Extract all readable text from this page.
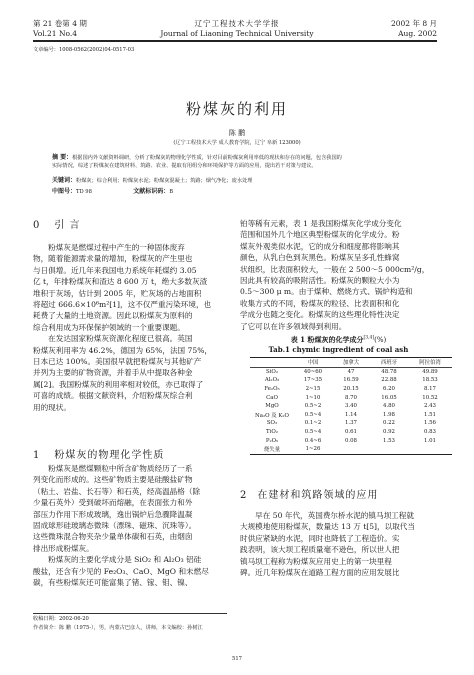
第 21 卷第 4 期
Vol.21 No.4
辽宁工程技术大学学报
Journal of Liaoning Technical University
2002 年 8 月
Aug. 2002
文章编号：1008-0562(2002)04-0517-03
粉煤灰的利用
陈 鹏
(辽宁工程技术大学 成人教育学院，辽宁 阜新 123000)
摘 要：根据国内外文献资料调研，分析了粉煤灰的物理化学性质，针对目前粉煤灰利用率低的现状和存在的问题，包含我国的
实际情况，综述了粉煤灰在建筑材料、筑路、农业、提取有用组分和环境保护等方面的应用，提出若干对策与建议。
关键词：粉煤灰；综合利用；粉煤灰水泥；粉煤灰混凝土；筑路；烟气净化；废水处理
中图号：TD 98	文献标识码：B
0 引 言
　　粉煤灰是燃煤过程中产生的一种固体废弃
物，随着能源需求量的增加，粉煤灰的产生里也
与日俱增。近几年来我国电力系统年耗煤约 3.05
亿 t，年排粉煤灰和渣达 8 600 万 t，绝大多数灰渣
堆积于灰场，估计到 2005 年，贮灰场的占地面积
将超过 666.6×10⁶m²[1]，这不仅严重污染环境，也
耗费了大量的土地资源。因此以粉煤灰为原料的
综合利用成为环保保护领域的一个重要课题。
　　在发达国家粉煤灰资源化程度已很高。英国
粉煤灰利用率为 46.2%，德国为 65%，法国 75%，
日本已达 100%。美国很早就把粉煤灰与其他矿产
并列为主要的矿物资源，并着手从中提取各种金
属[2]。我国粉煤灰的利用率相对较低，亦已取得了
可喜的成绩。根据文献资料，介绍粉煤灰综合利
用的现状。
1 粉煤灰的物理化学性质
　　粉煤灰是燃煤颗粒中所含矿物质经历了一系
列变化而形成的。这些矿物质主要是硅酸盐矿物
（粘土、岩盐、长石等）和石英，经高温晶格（除
少量石英外）受到破坏而熔融，在表面张力和外
部压力作用下形成玻璃，逸出锅炉后急骤降温凝
固成球形硅玻璃态微珠（漂珠、磁珠、沉珠等）。
这些微珠混合物夹杂少量单体碳和石英，由烟囱
排出形成粉煤灰。
　　粉煤灰的主要化学成分是 SiO₂ 和 Al₂O₃ 铝硅
酸盐，还含有少见的 Fe₂O₃、CaO、MgO 和未燃尽
碳，有些粉煤灰还可能富集了锗、镓、钼、镍、
铂等稀有元素，表 1 是我国粉煤灰化学成分变化
范围和国外几个地区典型粉煤灰的化学成分。粉
煤灰外观类似水泥，它的成分和细度都将影响其
颜色，从乳白色到灰黑色。粉煤灰呈多孔性蜂窝
状组织，比表面积较大，一般在 2 500～5 000cm²/g，
因此具有较高的吸附活性。粉煤灰的颗粒大小为
0.5～300 μ m。由于煤种、燃烧方式、锅炉构造和
收集方式的不同，粉煤灰的粒径、比表面积和化
学成分也随之变化。粉煤灰的这些理化特性决定
了它可以在许多领域得到利用。
表 1 粉煤灰的化学成分[3,4](%)
Tab.1 chymic ingredient of coal ash
	中国	加拿大	西班牙	阿拉伯湾
SiO₂	40~60	47	48.78	49.89
Al₂O₃	17~35	16.59	22.88	18.53
Fe₂O₃	2~15	20.15	6.20	8.17
CaO	1~10	8.70	16.05	10.52
MgO	0.5~2	3.40	4.80	2.43
Na₂O 及 K₂O	0.5~4	1.14	1.98	1.51
SO₃	0.1~2	1.37	0.22	1.56
TiO₂	0.5~4	0.61	0.92	0.83
P₂O₅	0.4~6	0.08	1.53	1.01
烧失量	1~26			
2 在建材和筑路领域的应用
　　早在 50 年代，英国费尔桥水泥的镇马坝工程就
大规模地使用粉煤灰，数量达 13 万 t[5]，以取代当
时供应紧缺的水泥，同时也降低了工程造价。实
践表明，该大坝工程质量毫不逊色，所以世人把
镇马坝工程称为粉煤灰应用史上的第一块里程
碑。近几年粉煤灰在道路工程方面的应用发展比
收稿日期：2002-06-20
作者简介：陈 鹏（1975-），男，内蒙古巴彦人，讲师，本文编校：孙树江
517
